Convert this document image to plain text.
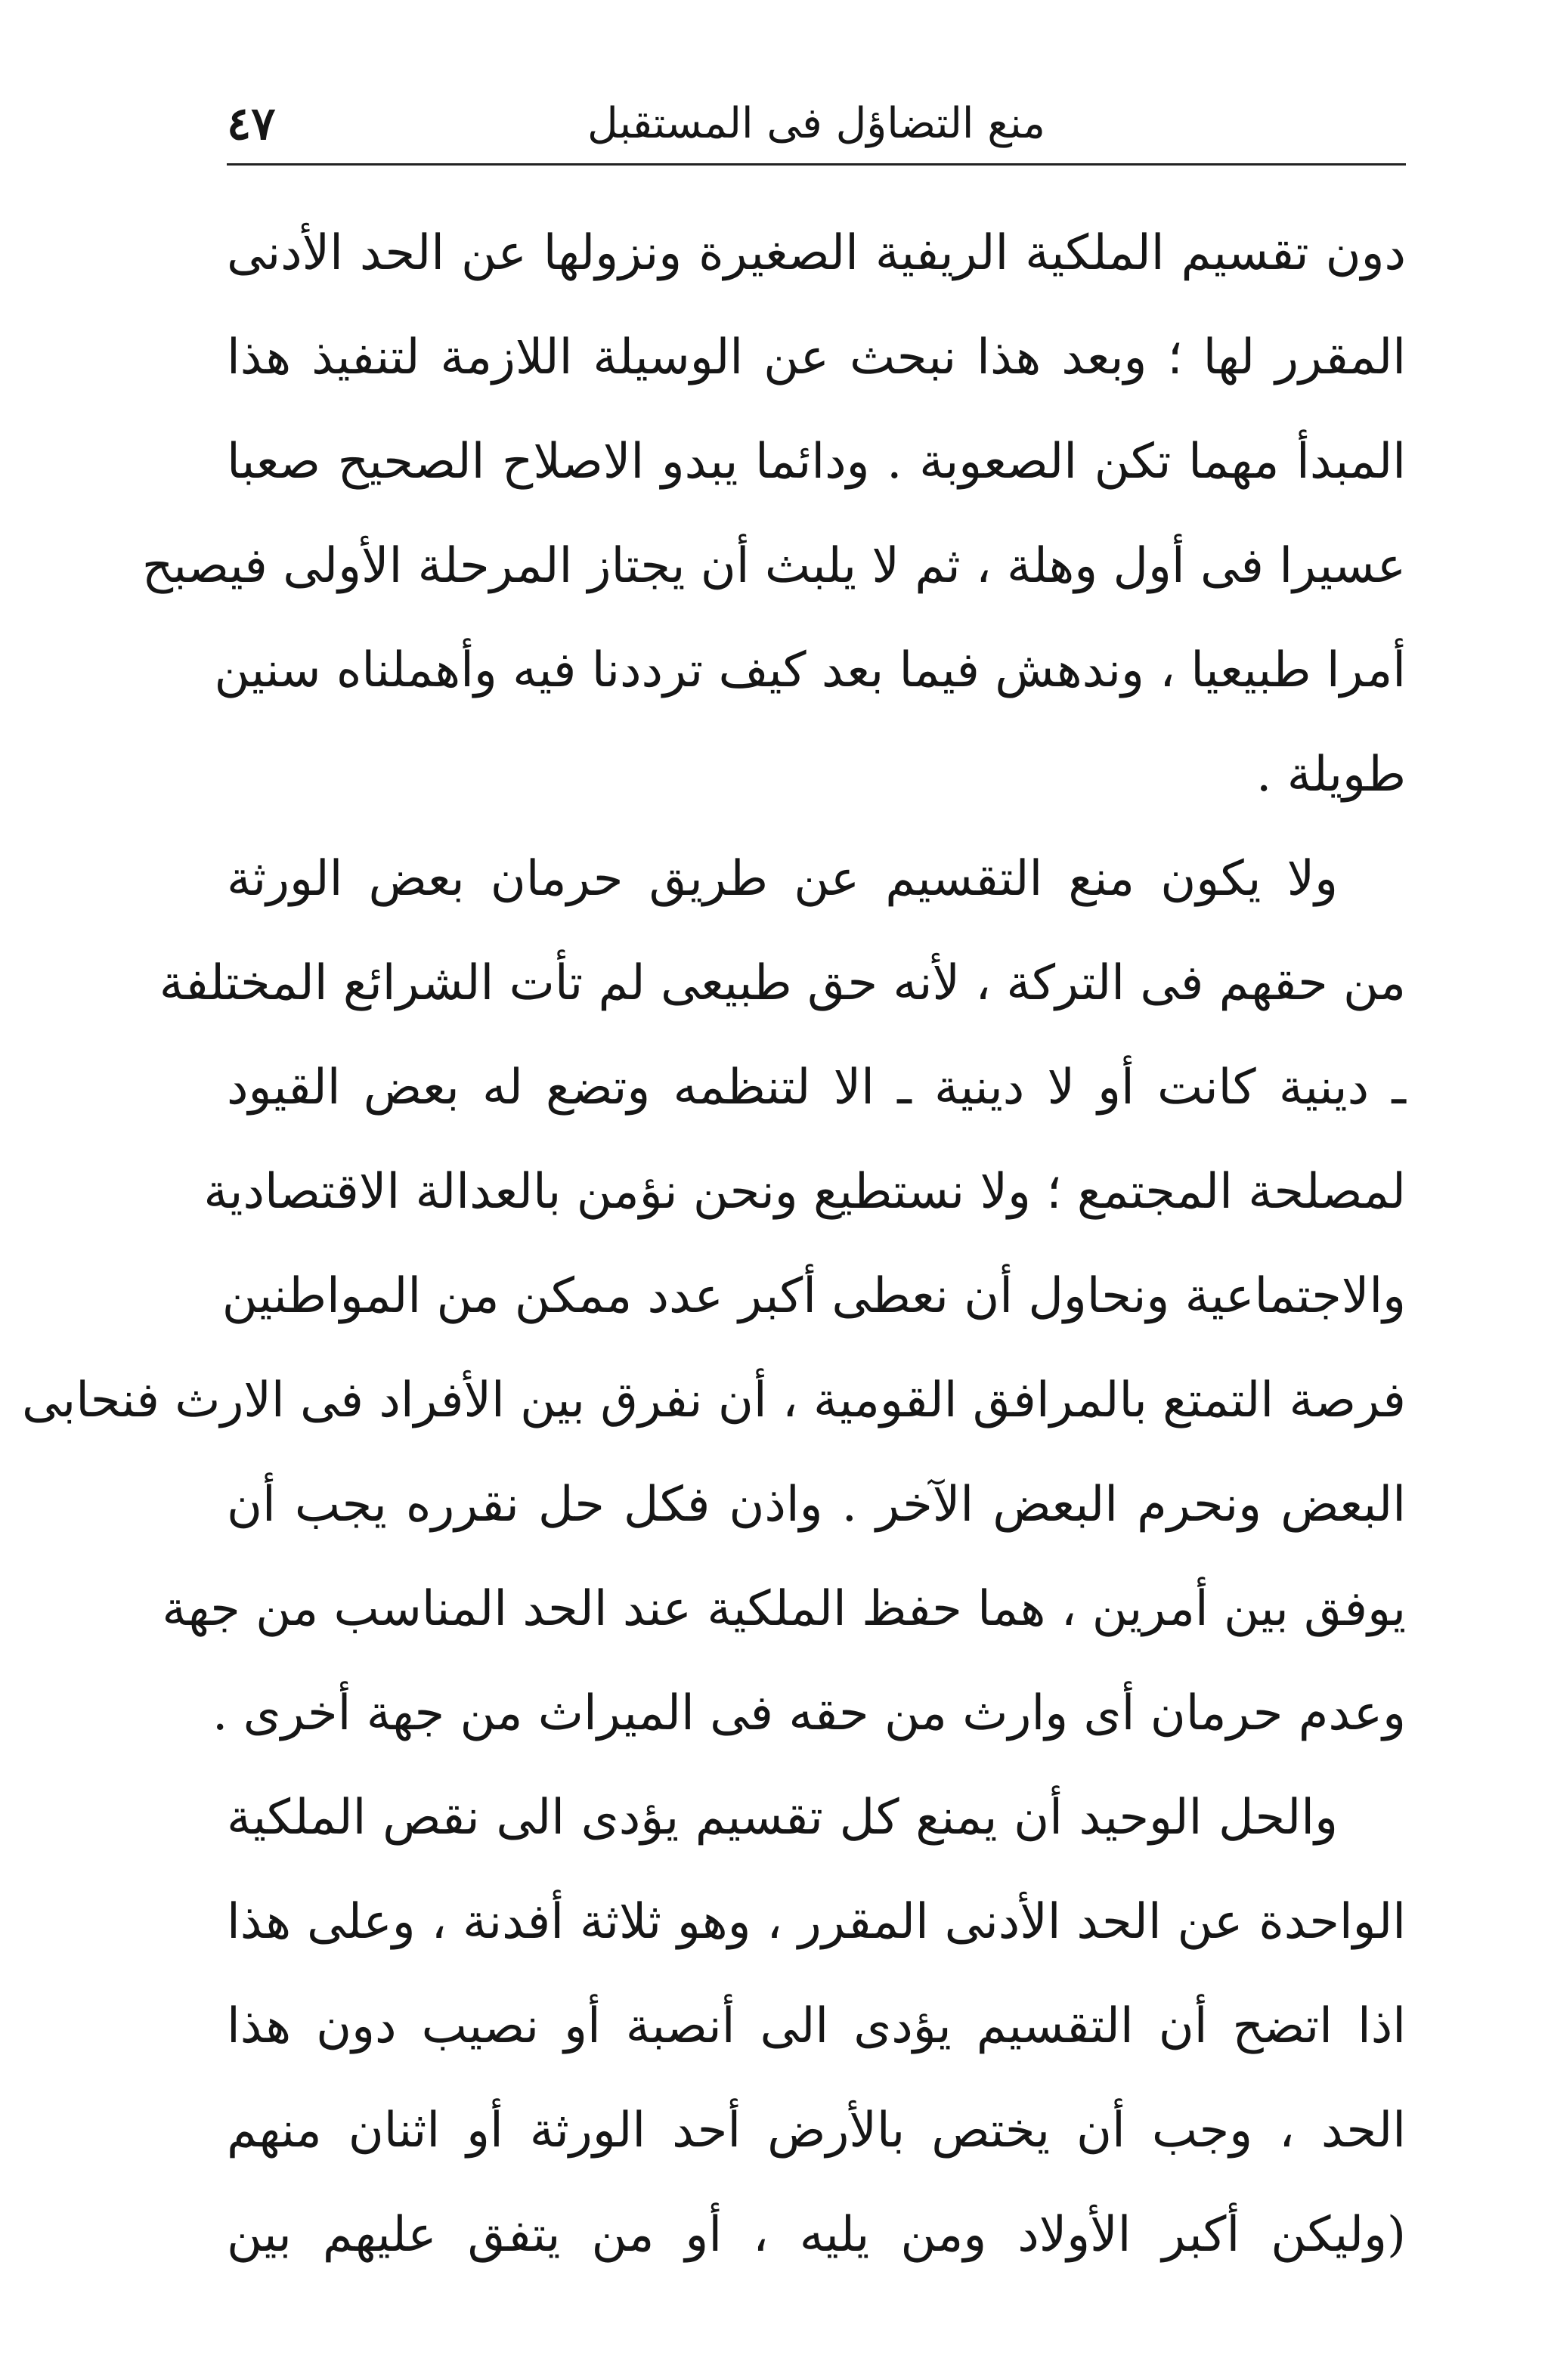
٤٧	منع التضاؤل فى المستقبل
دون تقسيم الملكية الريفية الصغيرة ونزولها عن الحد الأدنى
المقرر لها ؛ وبعد هذا نبحث عن الوسيلة اللازمة لتنفيذ هذا
المبدأ مهما تكن الصعوبة . ودائما يبدو الاصلاح الصحيح صعبا
عسيرا فى أول وهلة ، ثم لا يلبث أن يجتاز المرحلة الأولى فيصبح
أمرا طبيعيا ، وندهش فيما بعد كيف ترددنا فيه وأهملناه سنين
طويلة .
ولا يكون منع التقسيم عن طريق حرمان بعض الورثة
من حقهم فى التركة ، لأنه حق طبيعى لم تأت الشرائع المختلفة
ـ دينية كانت أو لا دينية ـ الا لتنظمه وتضع له بعض القيود
لمصلحة المجتمع ؛ ولا نستطيع ونحن نؤمن بالعدالة الاقتصادية
والاجتماعية ونحاول أن نعطى أكبر عدد ممكن من المواطنين
فرصة التمتع بالمرافق القومية ، أن نفرق بين الأفراد فى الارث فنحابى
البعض ونحرم البعض الآخر . واذن فكل حل نقرره يجب أن
يوفق بين أمرين ، هما حفظ الملكية عند الحد المناسب من جهة
وعدم حرمان أى وارث من حقه فى الميراث من جهة أخرى .
والحل الوحيد أن يمنع كل تقسيم يؤدى الى نقص الملكية
الواحدة عن الحد الأدنى المقرر ، وهو ثلاثة أفدنة ، وعلى هذا
اذا اتضح أن التقسيم يؤدى الى أنصبة أو نصيب دون هذا
الحد ، وجب أن يختص بالأرض أحد الورثة أو اثنان منهم
(وليكن أكبر الأولاد ومن يليه ، أو من يتفق عليهم بين
